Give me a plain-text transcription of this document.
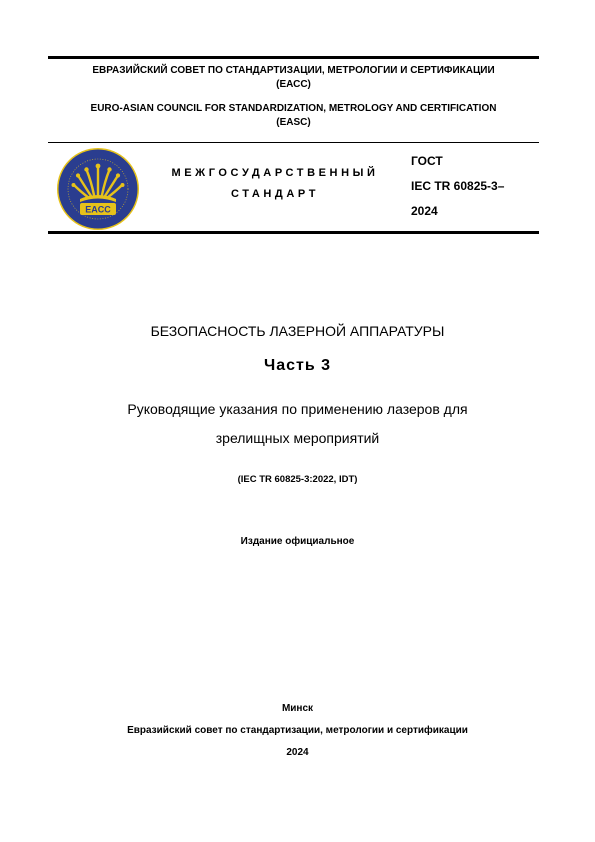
ЕВРАЗИЙСКИЙ СОВЕТ ПО СТАНДАРТИЗАЦИИ, МЕТРОЛОГИИ И СЕРТИФИКАЦИИ
(ЕАСС)
EURO-ASIAN COUNCIL FOR STANDARDIZATION, METROLOGY AND CERTIFICATION
(EASC)
EACC
МЕЖГОСУДАРСТВЕННЫЙ
СТАНДАРТ
ГОСТ
IEC TR 60825-3–
2024
БЕЗОПАСНОСТЬ ЛАЗЕРНОЙ АППАРАТУРЫ
Часть 3
Руководящие указания по применению лазеров для
зрелищных мероприятий
(IEC TR 60825-3:2022, IDT)
Издание официальное
Минск
Евразийский совет по стандартизации, метрологии и сертификации
2024
